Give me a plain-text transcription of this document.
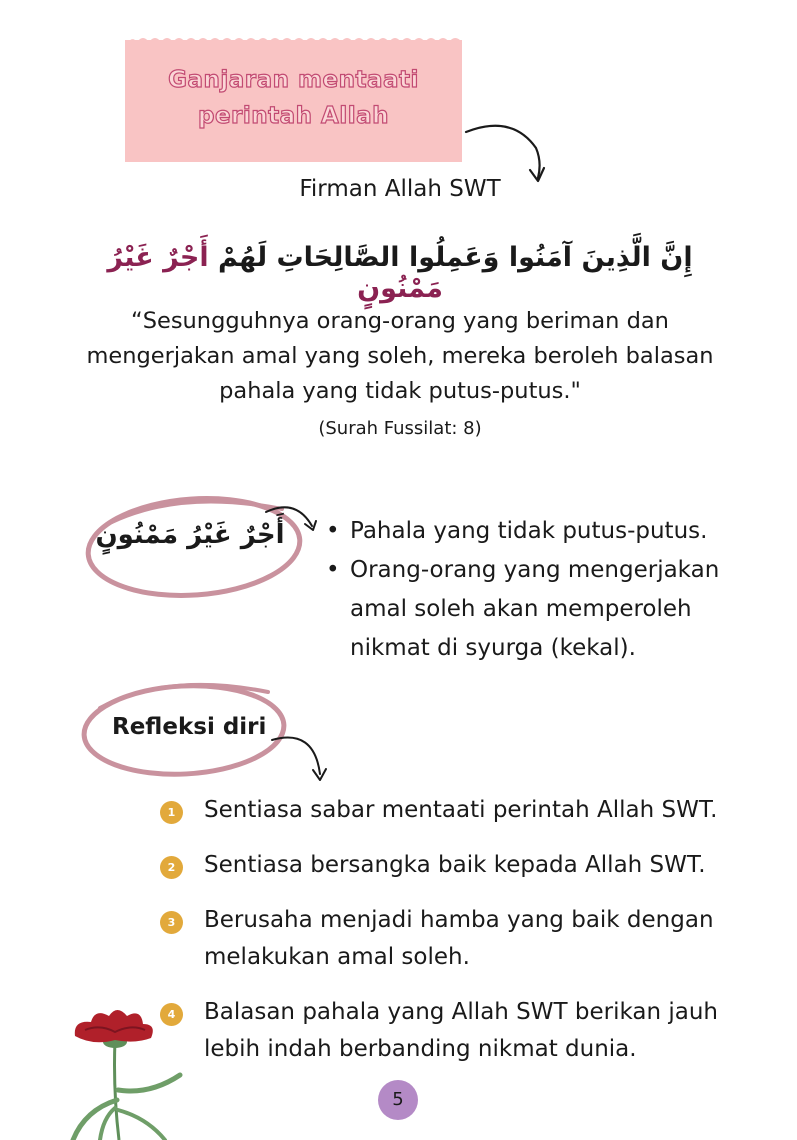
Ganjaran mentaati
perintah Allah
Firman Allah SWT
إِنَّ الَّذِينَ آمَنُوا وَعَمِلُوا الصَّالِحَاتِ لَهُمْ أَجْرٌ غَيْرُ مَمْنُونٍ
“Sesungguhnya orang-orang yang beriman dan mengerjakan amal yang soleh, mereka beroleh balasan pahala yang tidak putus-putus."
(Surah Fussilat: 8)
أَجْرٌ غَيْرُ مَمْنُونٍ
•	Pahala yang tidak putus-putus.
• Orang-orang yang mengerjakan amal soleh akan memperoleh nikmat di syurga (kekal).
Refleksi diri
1	Sentiasa sabar mentaati perintah Allah SWT.
2	Sentiasa bersangka baik kepada Allah SWT.
3	Berusaha menjadi hamba yang baik dengan melakukan amal soleh.
4	Balasan pahala yang Allah SWT berikan jauh lebih indah berbanding nikmat dunia.
5
